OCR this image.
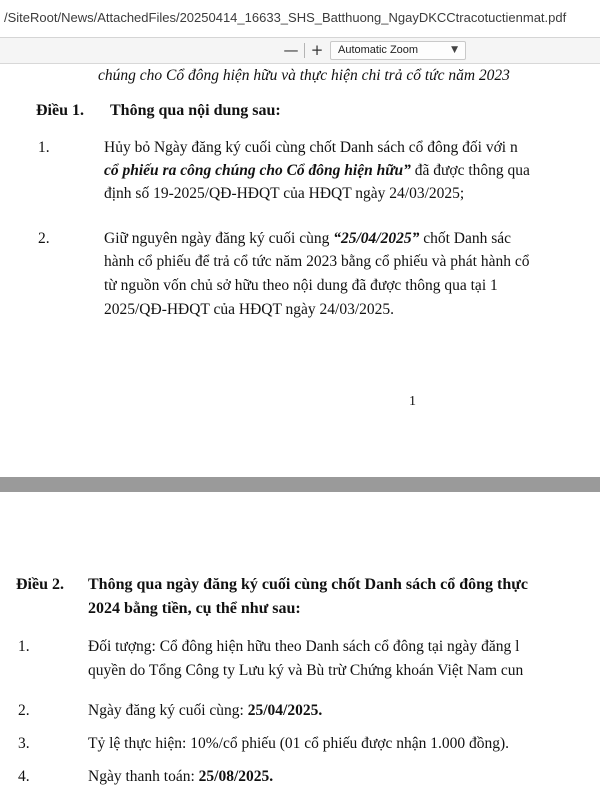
/SiteRoot/News/AttachedFiles/20250414_16633_SHS_Batthuong_NgayDKCCtracotuctienmat.pdf
— +	Automatic Zoom	▼
chúng cho Cổ đông hiện hữu và thực hiện chi trả cổ tức năm 2023
Điều 1. Thông qua nội dung sau:
1.	Hủy bỏ Ngày đăng ký cuối cùng chốt Danh sách cổ đông đối với n
cổ phiếu ra công chúng cho Cổ đông hiện hữu” đã được thông qua
định số 19-2025/QĐ-HĐQT của HĐQT ngày 24/03/2025;
2.	Giữ nguyên ngày đăng ký cuối cùng “25/04/2025” chốt Danh sác
hành cổ phiếu để trả cổ tức năm 2023 bằng cổ phiếu và phát hành cổ
từ nguồn vốn chủ sở hữu theo nội dung đã được thông qua tại 1
2025/QĐ-HĐQT của HĐQT ngày 24/03/2025.
1
Điều 2. Thông qua ngày đăng ký cuối cùng chốt Danh sách cổ đông thực
2024 bằng tiền, cụ thể như sau:
1.	Đối tượng: Cổ đông hiện hữu theo Danh sách cổ đông tại ngày đăng l
quyền do Tổng Công ty Lưu ký và Bù trừ Chứng khoán Việt Nam cun
2.	Ngày đăng ký cuối cùng: 25/04/2025.
3.	Tỷ lệ thực hiện: 10%/cổ phiếu (01 cổ phiếu được nhận 1.000 đồng).
4.	Ngày thanh toán: 25/08/2025.
